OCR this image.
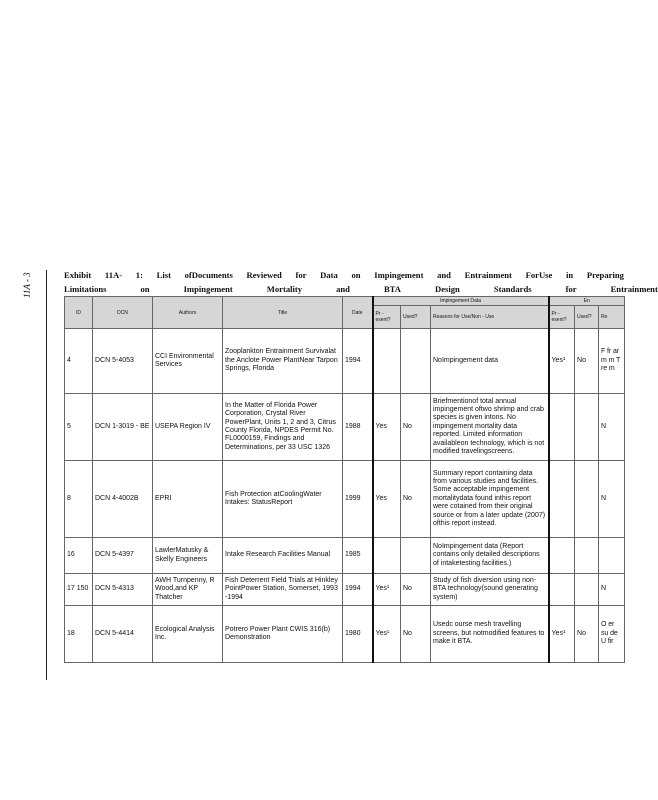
11A - 3	Exhibit 11A- 1: List ofDocuments Reviewed for Data on Impingement and Entrainment ForUse in Preparing
Limitations	on	Impingement	Mortality	and	BTA	Design	Standards	for	Entrainment
ID	DCN	Authors	Title	Date	Impingement Data			En		
					Pr - esent?	Used?	Reasons for Use/Non - Use	Pr - esent?	Used?	Re
4	DCN 5-4053	CCI Environmental Services	Zooplankton Entrainment Survivalat the Anclote Power PlantNear Tarpon Springs, Florida	1994			NoImpingement data	Yes¹	No	F fr ar m m T re m
5	DCN 1-3019 - BE	USEPA Region IV	In the Matter of Florida Power Corporation, Crystal River PowerPlant, Units 1, 2 and 3, Citrus County Florida, NPDES Permit No. FL0000159, Findings and Determinations, per 33 USC 1326	1988	Yes	No	Briefmentionof total annual impingement oftwo shrimp and crab species is given intons. No impingement mortality data reported. Limited information availableon technology, which is not modified travelingscreens.			N
8	DCN 4-4002B	EPRI	Fish Protection atCoolingWater Intakes: StatusReport	1999	Yes	No	Summary report containing data from various studies and facilities. Some acceptable impingement mortalitydata found inthis report were cotained from their original source or from a later update (2007) ofthis report instead.			N
16	DCN 5-4397	LawlerMatusky & Skelly Engineers	Intake Research Facilities Manual	1985			NoImpingement data (Report contains only detailed descriptions of intaketesting facilities.)			
17 150	DCN 5-4313	AWH Turnpenny, R Wood,and KP Thatcher	Fish Deterrent Field Trials at Hinkley PointPower Station, Somerset, 1993 -1994	1994	Yes¹	No	Study of fish diversion using non-BTA technology(sound generating system)			N
18	DCN 5-4414	Ecological Analysis Inc.	Potrero Power Plant CWIS 316(b) Demonstration	1980	Yes¹	No	Usedc ourse mesh travelling screens, but notmodified features to make it BTA.	Yes¹	No	O er su de U fir
